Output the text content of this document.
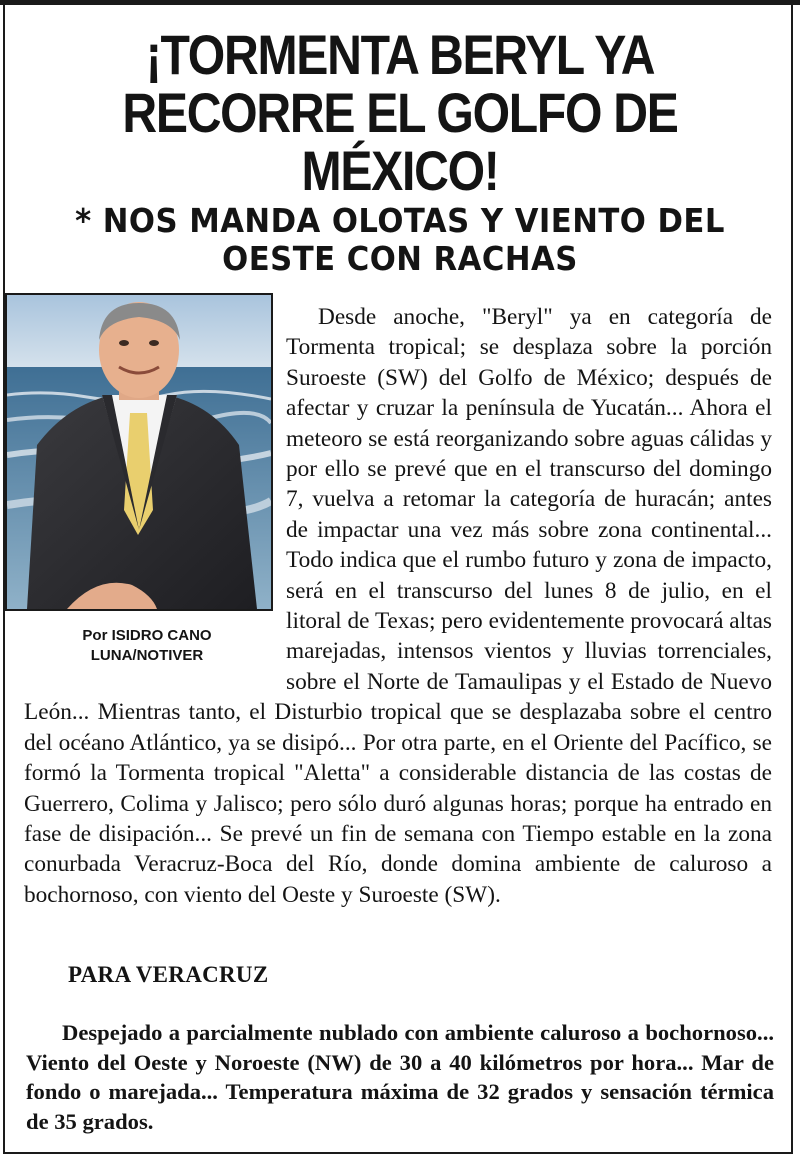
¡TORMENTA BERYL YA RECORRE EL GOLFO DE MÉXICO!
* NOS MANDA OLOTAS Y VIENTO DEL OESTE CON RACHAS
Por ISIDRO CANO LUNA/NOTIVER
Desde anoche, "Beryl" ya en categoría de Tormenta tropical; se desplaza sobre la porción Suroeste (SW) del Golfo de México; después de afectar y cruzar la península de Yucatán... Ahora el meteoro se está reorganizando sobre aguas cálidas y por ello se prevé que en el transcurso del domingo 7, vuelva a retomar la categoría de huracán; antes de impactar una vez más sobre zona continental... Todo indica que el rumbo futuro y zona de impacto, será en el transcurso del lunes 8 de julio, en el litoral de Texas; pero evidentemente provocará altas marejadas, intensos vientos y lluvias torrenciales, sobre el Norte de Tamaulipas y el Estado de Nuevo León... Mientras tanto, el Disturbio tropical que se desplazaba sobre el centro del océano Atlántico, ya se disipó... Por otra parte, en el Oriente del Pacífico, se formó la Tormenta tropical "Aletta" a considerable distancia de las costas de Guerrero, Colima y Jalisco; pero sólo duró algunas horas; porque ha entrado en fase de disipación... Se prevé un fin de semana con Tiempo estable en la zona conurbada Veracruz-Boca del Río, donde domina ambiente de caluroso a bochornoso, con viento del Oeste y Suroeste (SW).
PARA VERACRUZ

Despejado a parcialmente nublado con ambiente caluroso a bochornoso... Viento del Oeste y Noroeste (NW) de 30 a 40 kilómetros por hora... Mar de fondo o marejada... Temperatura máxima de 32 grados y sensación térmica de 35 grados.
